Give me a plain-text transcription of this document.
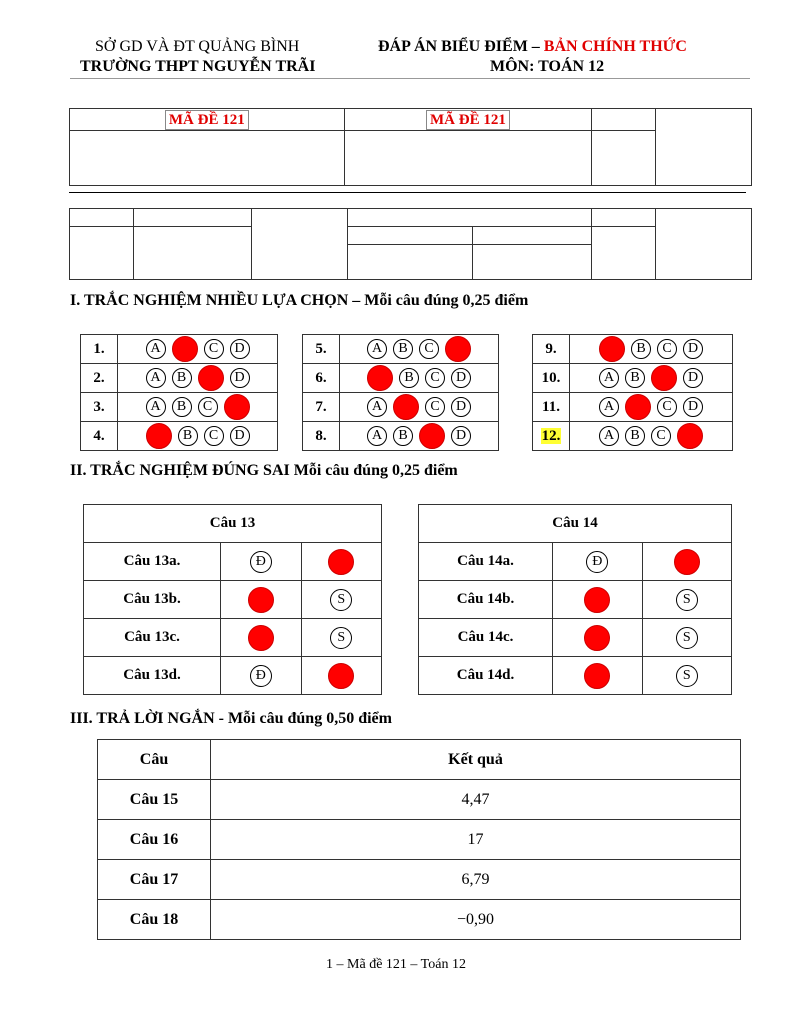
SỞ GD VÀ ĐT QUẢNG BÌNH
TRƯỜNG THPT NGUYỄN TRÃI
ĐÁP ÁN BIỂU ĐIỂM – BẢN CHÍNH THỨC
MÔN: TOÁN 12
MÃ ĐỀ 121	MÃ ĐỀ 121		

I. TRẮC NGHIỆM NHIỀU LỰA CHỌN – Mỗi câu đúng 0,25 điểm
1.	A C D
2.	A B D
3.	A B C
4.	B C D
5.	A B C
6.	B C D
7.	A C D
8.	A B D
9.	B C D
10.	A B D
11.	A C D
12.	A B C
II. TRẮC NGHIỆM ĐÚNG SAI Mỗi câu đúng 0,25 điểm
Câu 13		
Câu 13a.	Đ	
Câu 13b.		S
Câu 13c.		S
Câu 13d.	Đ	
Câu 14		
Câu 14a.	Đ	
Câu 14b.		S
Câu 14c.		S
Câu 14d.		S
III. TRẢ LỜI NGẮN - Mỗi câu đúng 0,50 điểm
Câu	Kết quả
Câu 15	4,47
Câu 16	17
Câu 17	6,79
Câu 18	−0,90
1 – Mã đề 121 – Toán 12
